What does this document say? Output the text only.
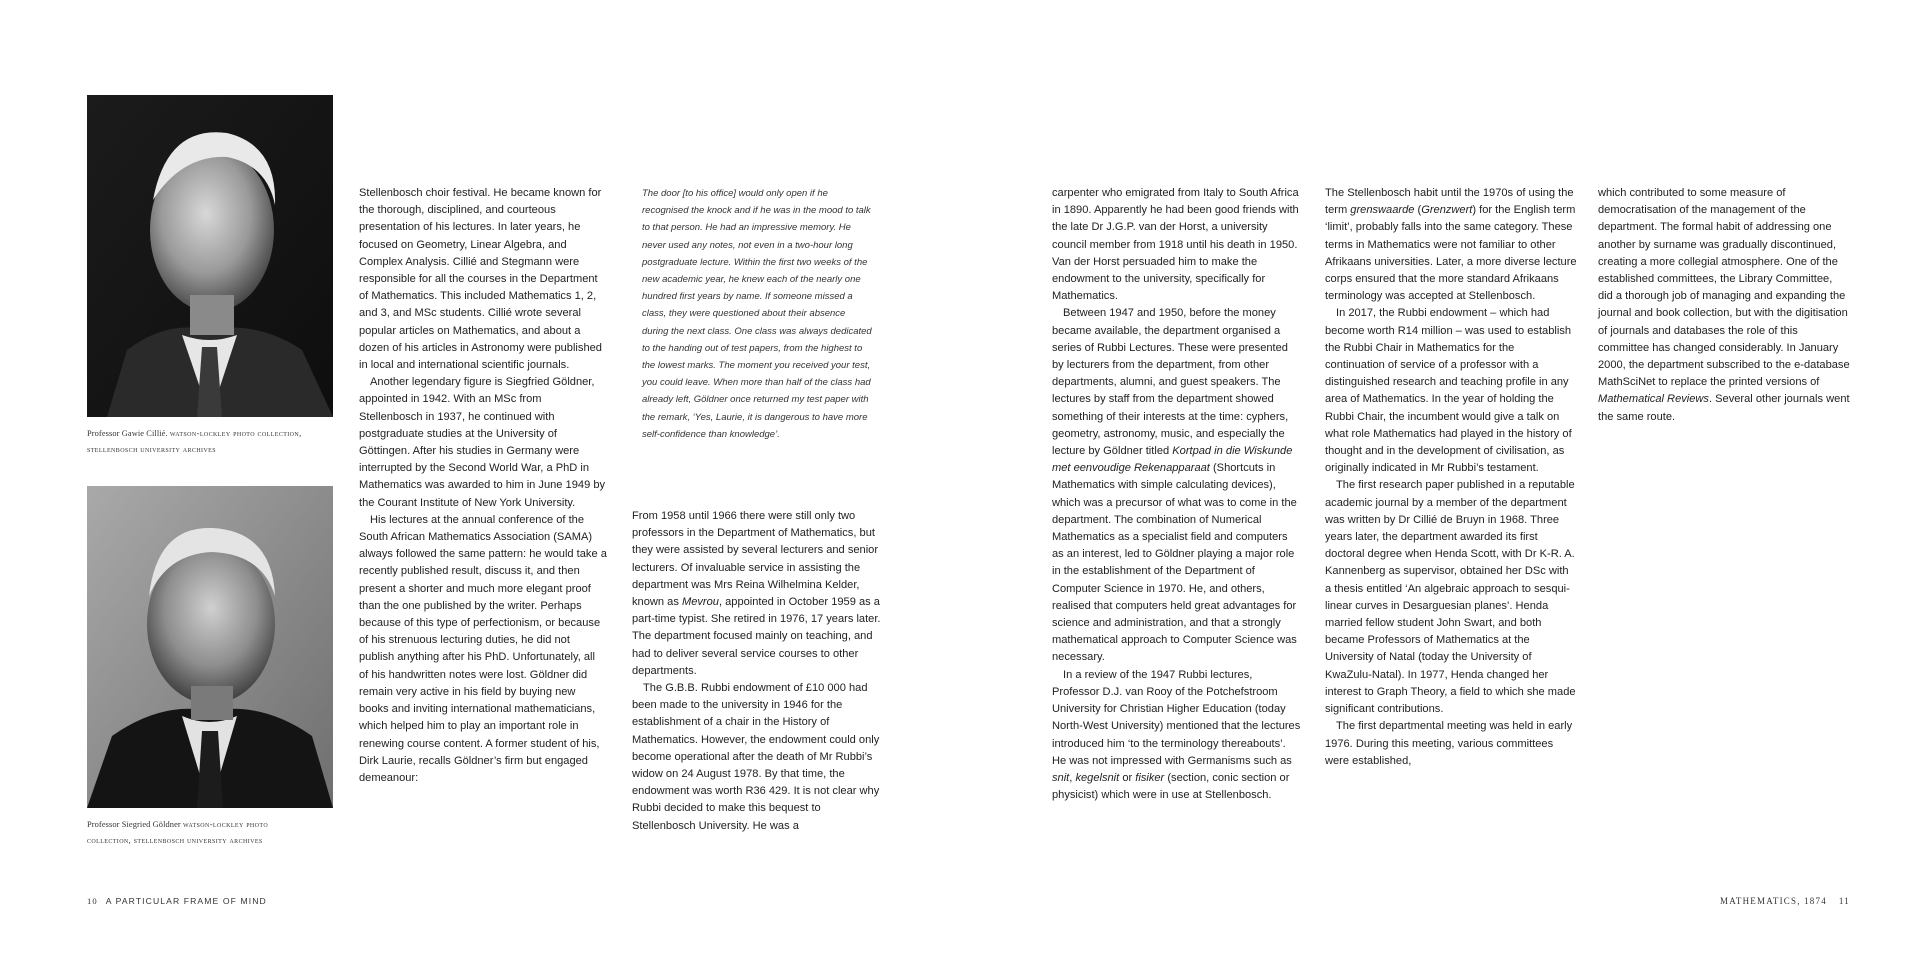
Professor Gawie Cillié. watson-lockley photo collection,
stellenbosch university archives
Professor Siegried Göldner watson-lockley photo
collection, stellenbosch university archives

Stellenbosch choir festival. He became known for the thorough, disciplined, and courteous presentation of his lectures. In later years, he focused on Geometry, Linear Algebra, and Complex Analysis. Cillié and Stegmann were responsible for all the courses in the Department of Mathematics. This included Mathematics 1, 2, and 3, and MSc students. Cillié wrote several popular articles on Mathematics, and about a dozen of his articles in Astronomy were published in local and international scientific journals.

Another legendary figure is Siegfried Göldner, appointed in 1942. With an MSc from Stellenbosch in 1937, he continued with postgraduate studies at the University of Göttingen. After his studies in Germany were interrupted by the Second World War, a PhD in Mathematics was awarded to him in June 1949 by the Courant Institute of New York University.

His lectures at the annual conference of the South African Mathematics Association (SAMA) always followed the same pattern: he would take a recently published result, discuss it, and then present a shorter and much more elegant proof than the one published by the writer. Perhaps because of this type of perfectionism, or because of his strenuous lecturing duties, he did not publish anything after his PhD. Unfortunately, all of his handwritten notes were lost. Göldner did remain very active in his field by buying new books and inviting international mathematicians, which helped him to play an important role in renewing course content. A former student of his, Dirk Laurie, recalls Göldner’s firm but engaged demeanour:

The door [to his office] would only open if he recognised the knock and if he was in the mood to talk to that person. He had an impressive memory. He never used any notes, not even in a two-hour long postgraduate lecture. Within the first two weeks of the new academic year, he knew each of the nearly one hundred first years by name. If someone missed a class, they were questioned about their absence during the next class. One class was always dedicated to the handing out of test papers, from the highest to the lowest marks. The moment you received your test, you could leave. When more than half of the class had already left, Göldner once returned my test paper with the remark, ‘Yes, Laurie, it is dangerous to have more self-confidence than knowledge’.

From 1958 until 1966 there were still only two professors in the Department of Mathematics, but they were assisted by several lecturers and senior lecturers. Of invaluable service in assisting the department was Mrs Reina Wilhelmina Kelder, known as Mevrou, appointed in October 1959 as a part-time typist. She retired in 1976, 17 years later. The department focused mainly on teaching, and had to deliver several service courses to other departments.

The G.B.B. Rubbi endowment of £10 000 had been made to the university in 1946 for the establishment of a chair in the History of Mathematics. However, the endowment could only become operational after the death of Mr Rubbi’s widow on 24 August 1978. By that time, the endowment was worth R36 429. It is not clear why Rubbi decided to make this bequest to Stellenbosch University. He was a

carpenter who emigrated from Italy to South Africa in 1890. Apparently he had been good friends with the late Dr J.G.P. van der Horst, a university council member from 1918 until his death in 1950. Van der Horst persuaded him to make the endowment to the university, specifically for Mathematics.

Between 1947 and 1950, before the money became available, the department organised a series of Rubbi Lectures. These were presented by lecturers from the department, from other departments, alumni, and guest speakers. The lectures by staff from the department showed something of their interests at the time: cyphers, geometry, astronomy, music, and especially the lecture by Göldner titled Kortpad in die Wiskunde met eenvoudige Rekenapparaat (Shortcuts in Mathematics with simple calculating devices), which was a precursor of what was to come in the department. The combination of Numerical Mathematics as a specialist field and computers as an interest, led to Göldner playing a major role in the establishment of the Department of Computer Science in 1970. He, and others, realised that computers held great advantages for science and administration, and that a strongly mathematical approach to Computer Science was necessary.

In a review of the 1947 Rubbi lectures, Professor D.J. van Rooy of the Potchefstroom University for Christian Higher Education (today North-West University) mentioned that the lectures introduced him ‘to the terminology thereabouts’. He was not impressed with Germanisms such as snit, kegelsnit or fisiker (section, conic section or physicist) which were in use at Stellenbosch.

The Stellenbosch habit until the 1970s of using the term grenswaarde (Grenzwert) for the English term ‘limit’, probably falls into the same category. These terms in Mathematics were not familiar to other Afrikaans universities. Later, a more diverse lecture corps ensured that the more standard Afrikaans terminology was accepted at Stellenbosch.

In 2017, the Rubbi endowment – which had become worth R14 million – was used to establish the Rubbi Chair in Mathematics for the continuation of service of a professor with a distinguished research and teaching profile in any area of Mathematics. In the year of holding the Rubbi Chair, the incumbent would give a talk on what role Mathematics had played in the history of thought and in the development of civilisation, as originally indicated in Mr Rubbi’s testament.

The first research paper published in a reputable academic journal by a member of the department was written by Dr Cillié de Bruyn in 1968. Three years later, the department awarded its first doctoral degree when Henda Scott, with Dr K-R. A. Kannenberg as supervisor, obtained her DSc with a thesis entitled ‘An algebraic approach to sesqui-linear curves in Desarguesian planes’. Henda married fellow student John Swart, and both became Professors of Mathematics at the University of Natal (today the University of KwaZulu-Natal). In 1977, Henda changed her interest to Graph Theory, a field to which she made significant contributions.

The first departmental meeting was held in early 1976. During this meeting, various committees were established,

which contributed to some measure of democratisation of the management of the department. The formal habit of addressing one another by surname was gradually discontinued, creating a more collegial atmosphere. One of the established committees, the Library Committee, did a thorough job of managing and expanding the journal and book collection, but with the digitisation of journals and databases the role of this committee has changed considerably. In January 2000, the department subscribed to the e-database MathSciNet to replace the printed versions of Mathematical Reviews. Several other journals went the same route.

10 A PARTICULAR FRAME OF MIND	MATHEMATICS, 1874 11
